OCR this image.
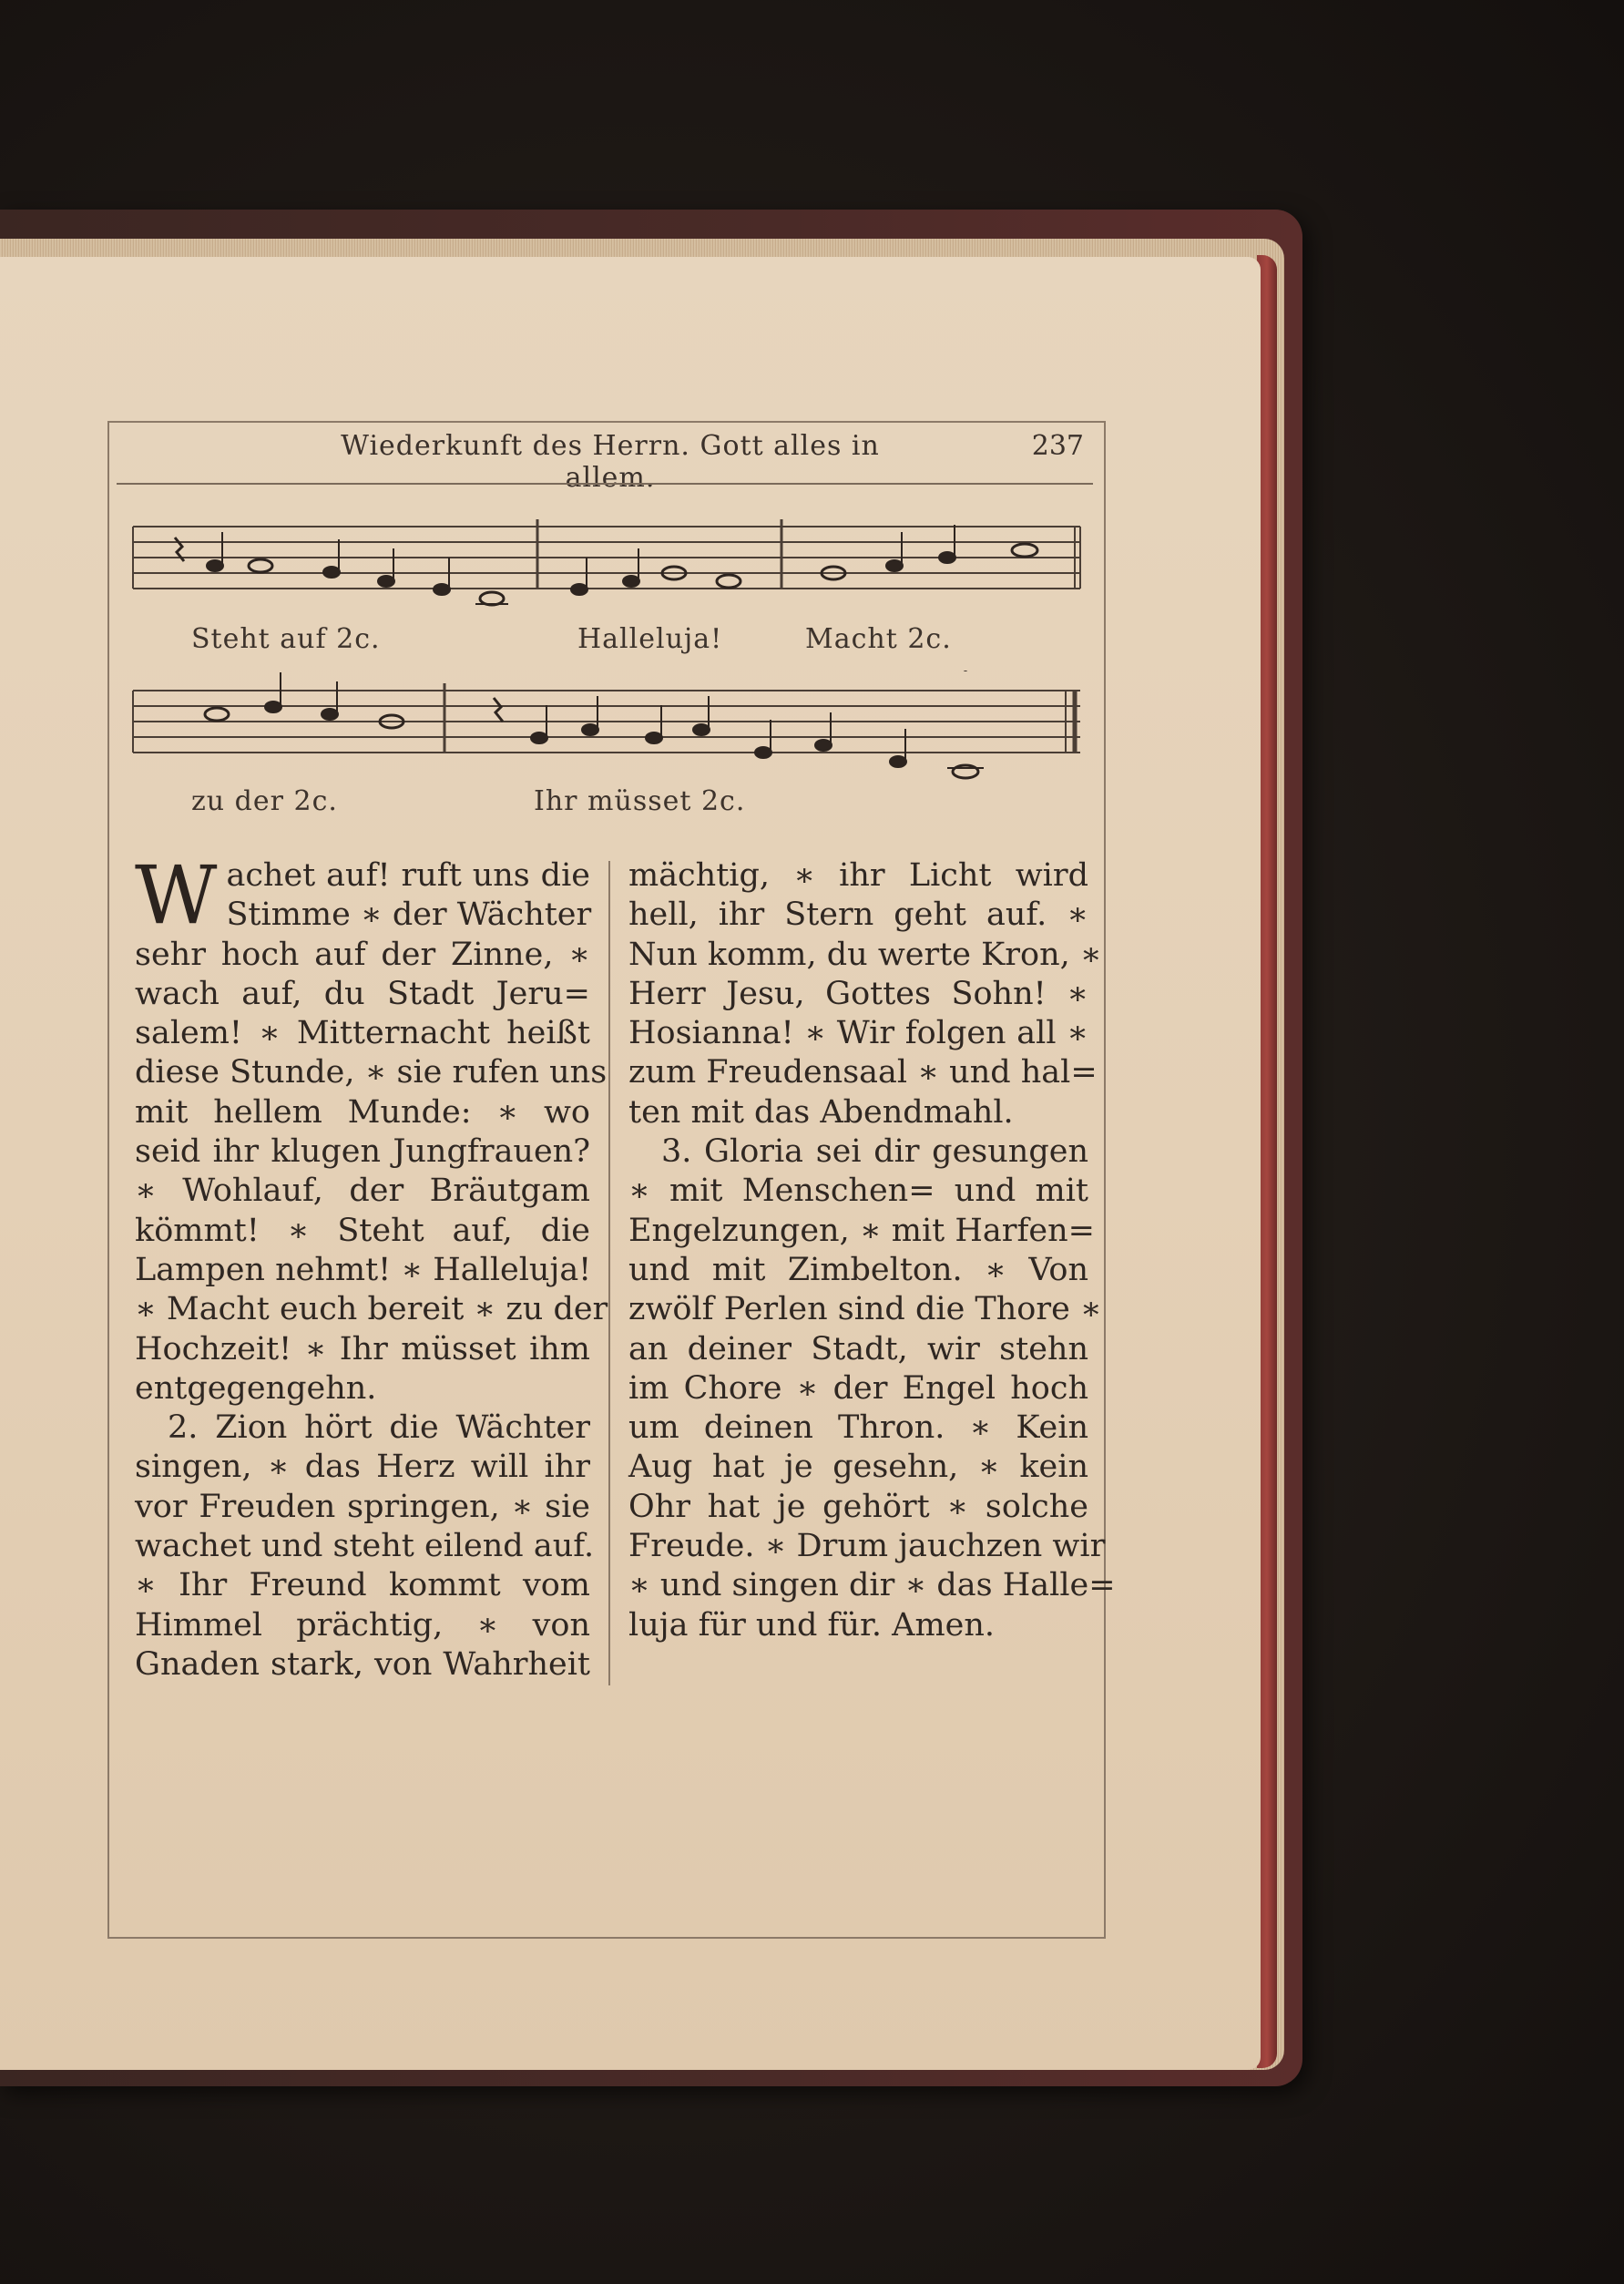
Wiederkunft des Herrn. Gott alles in allem.
237
Steht auf 2c.	Halleluja!	Macht 2c.
zu der 2c.	Ihr müsset 2c.
W achet auf! ruft uns die
Stimme ∗ der Wächter
sehr hoch auf der Zinne, ∗
wach auf, du Stadt Jeru=
salem! ∗ Mitternacht heißt
diese Stunde, ∗ sie rufen uns
mit hellem Munde: ∗ wo
seid ihr klugen Jungfrauen?
∗ Wohlauf, der Bräutgam
kömmt! ∗ Steht auf, die
Lampen nehmt! ∗ Halleluja!
∗ Macht euch bereit ∗ zu der
Hochzeit! ∗ Ihr müsset ihm
entgegengehn.
2. Zion hört die Wächter
singen, ∗ das Herz will ihr
vor Freuden springen, ∗ sie
wachet und steht eilend auf.
∗ Ihr Freund kommt vom
Himmel prächtig, ∗ von
Gnaden stark, von Wahrheit
mächtig, ∗ ihr Licht wird
hell, ihr Stern geht auf. ∗
Nun komm, du werte Kron, ∗
Herr Jesu, Gottes Sohn! ∗
Hosianna! ∗ Wir folgen all ∗
zum Freudensaal ∗ und hal=
ten mit das Abendmahl.
3. Gloria sei dir gesungen
∗ mit Menschen= und mit
Engelzungen, ∗ mit Harfen=
und mit Zimbelton. ∗ Von
zwölf Perlen sind die Thore ∗
an deiner Stadt, wir stehn
im Chore ∗ der Engel hoch
um deinen Thron. ∗ Kein
Aug hat je gesehn, ∗ kein
Ohr hat je gehört ∗ solche
Freude. ∗ Drum jauchzen wir
∗ und singen dir ∗ das Halle=
luja für und für. Amen.
